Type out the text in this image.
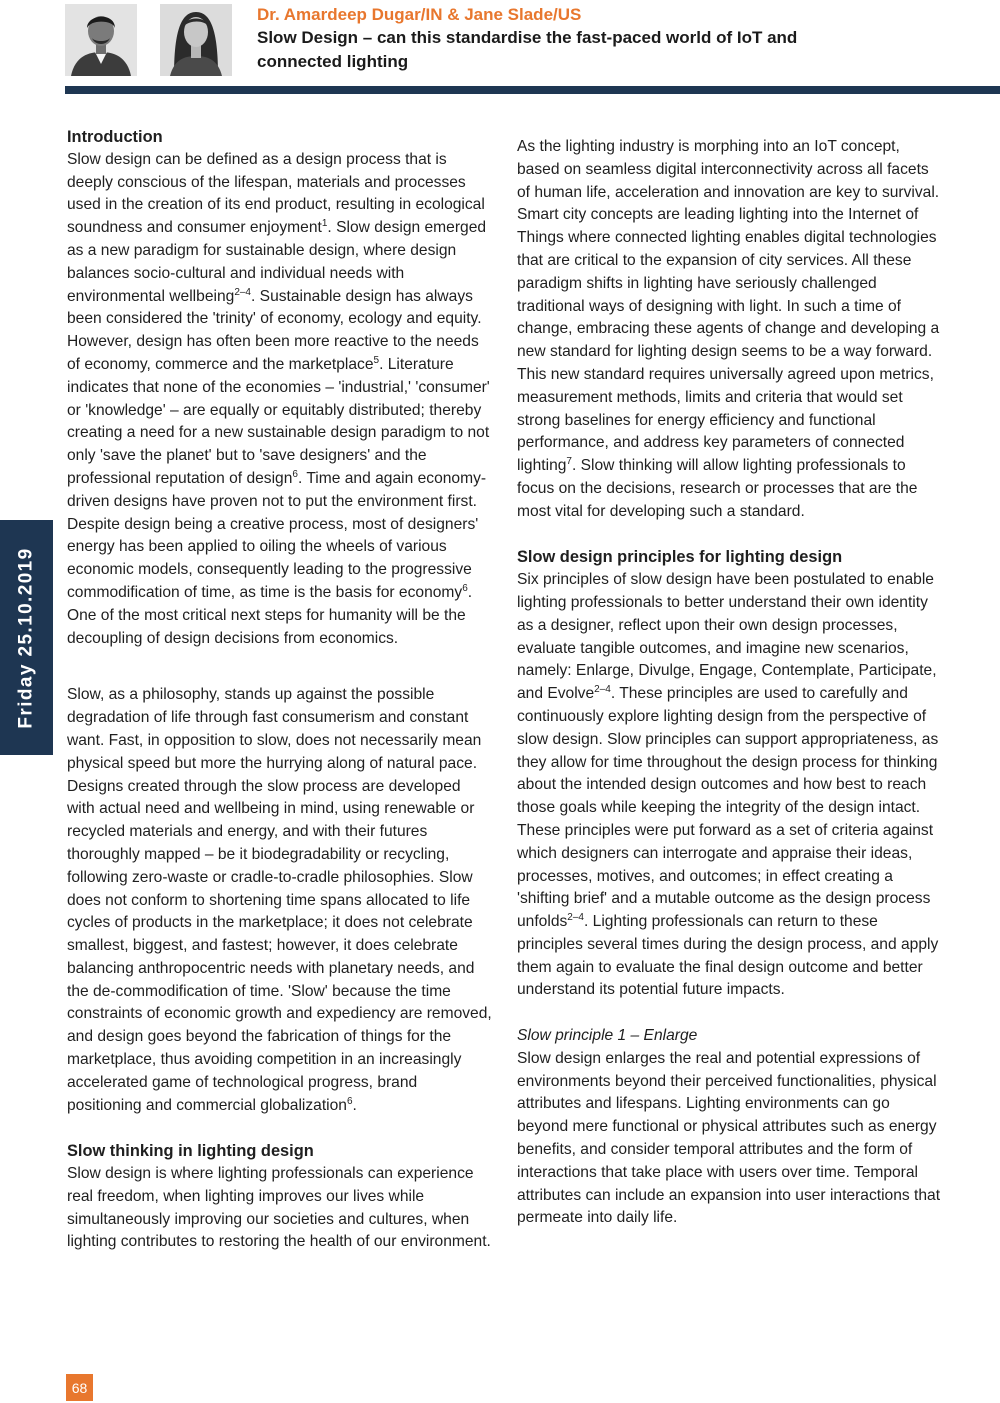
Dr. Amardeep Dugar/IN & Jane Slade/US
Slow Design – can this standardise the fast-paced world of IoT and connected lighting
Friday 25.10.2019
Introduction

Slow design can be defined as a design process that is deeply conscious of the lifespan, materials and processes used in the creation of its end product, resulting in ecological soundness and consumer enjoyment$^1$. Slow design emerged as a new paradigm for sustainable design, where design balances socio-cultural and individual needs with environmental wellbeing$^{2-4}$. Sustainable design has always been considered the 'trinity' of economy, ecology and equity. However, design has often been more reactive to the needs of economy, commerce and the marketplace$^5$. Literature indicates that none of the economies – 'industrial,' 'consumer' or 'knowledge' – are equally or equitably distributed; thereby creating a need for a new sustainable design paradigm to not only 'save the planet' but to 'save designers' and the professional reputation of design$^6$. Time and again economy-driven designs have proven not to put the environment first. Despite design being a creative process, most of designers' energy has been applied to oiling the wheels of various economic models, consequently leading to the progressive commodification of time, as time is the basis for economy$^6$. One of the most critical next steps for humanity will be the decoupling of design decisions from economics.

Slow, as a philosophy, stands up against the possible degradation of life through fast consumerism and constant want. Fast, in opposition to slow, does not necessarily mean physical speed but more the hurrying along of natural pace. Designs created through the slow process are developed with actual need and wellbeing in mind, using renewable or recycled materials and energy, and with their futures thoroughly mapped – be it biodegradability or recycling, following zero-waste or cradle-to-cradle philosophies. Slow does not conform to shortening time spans allocated to life cycles of products in the marketplace; it does not celebrate smallest, biggest, and fastest; however, it does celebrate balancing anthropocentric needs with planetary needs, and the de-commodification of time. 'Slow' because the time constraints of economic growth and expediency are removed, and design goes beyond the fabrication of things for the marketplace, thus avoiding competition in an increasingly accelerated game of technological progress, brand positioning and commercial globalization$^6$.

Slow thinking in lighting design

Slow design is where lighting professionals can experience real freedom, when lighting improves our lives while simultaneously improving our societies and cultures, when lighting contributes to restoring the health of our environment.

As the lighting industry is morphing into an IoT concept, based on seamless digital interconnectivity across all facets of human life, acceleration and innovation are key to survival. Smart city concepts are leading lighting into the Internet of Things where connected lighting enables digital technologies that are critical to the expansion of city services. All these paradigm shifts in lighting have seriously challenged traditional ways of designing with light. In such a time of change, embracing these agents of change and developing a new standard for lighting design seems to be a way forward. This new standard requires universally agreed upon metrics, measurement methods, limits and criteria that would set strong baselines for energy efficiency and functional performance, and address key parameters of connected lighting$^7$. Slow thinking will allow lighting professionals to focus on the decisions, research or processes that are the most vital for developing such a standard.

Slow design principles for lighting design

Six principles of slow design have been postulated to enable lighting professionals to better understand their own identity as a designer, reflect upon their own design processes, evaluate tangible outcomes, and imagine new scenarios, namely: Enlarge, Divulge, Engage, Contemplate, Participate, and Evolve$^{2-4}$. These principles are used to carefully and continuously explore lighting design from the perspective of slow design. Slow principles can support appropriateness, as they allow for time throughout the design process for thinking about the intended design outcomes and how best to reach those goals while keeping the integrity of the design intact. These principles were put forward as a set of criteria against which designers can interrogate and appraise their ideas, processes, motives, and outcomes; in effect creating a 'shifting brief' and a mutable outcome as the design process unfolds$^{2-4}$. Lighting professionals can return to these principles several times during the design process, and apply them again to evaluate the final design outcome and better understand its potential future impacts.

Slow principle 1 – Enlarge

Slow design enlarges the real and potential expressions of environments beyond their perceived functionalities, physical attributes and lifespans. Lighting environments can go beyond mere functional or physical attributes such as energy benefits, and consider temporal attributes and the form of interactions that take place with users over time. Temporal attributes can include an expansion into user interactions that permeate into daily life.

68
